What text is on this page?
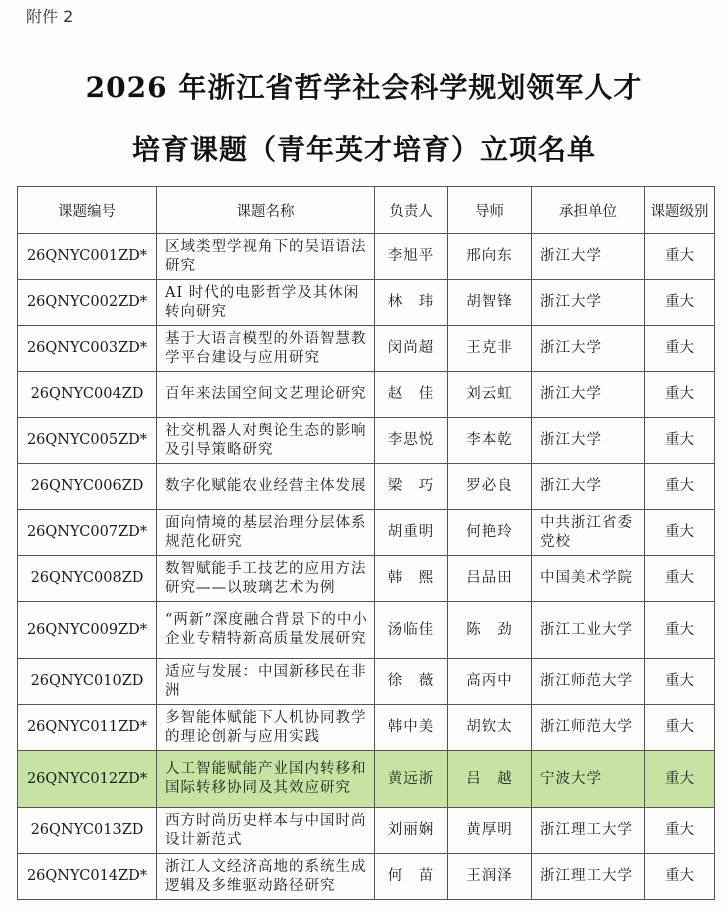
附件 2
2026 年浙江省哲学社会科学规划领军人才
培育课题（青年英才培育）立项名单
课题编号	课题名称	负责人	导师	承担单位	课题级别
26QNYC001ZD*	区域类型学视角下的吴语语法研究	李旭平	邢向东	浙江大学	重大
26QNYC002ZD*	AI 时代的电影哲学及其休闲转向研究	林　玮	胡智锋	浙江大学	重大
26QNYC003ZD*	基于大语言模型的外语智慧教学平台建设与应用研究	闵尚超	王克非	浙江大学	重大
26QNYC004ZD	百年来法国空间文艺理论研究	赵　佳	刘云虹	浙江大学	重大
26QNYC005ZD*	社交机器人对舆论生态的影响及引导策略研究	李思悦	李本乾	浙江大学	重大
26QNYC006ZD	数字化赋能农业经营主体发展	梁　巧	罗必良	浙江大学	重大
26QNYC007ZD*	面向情境的基层治理分层体系规范化研究	胡重明	何艳玲	中共浙江省委党校	重大
26QNYC008ZD	数智赋能手工技艺的应用方法研究——以玻璃艺术为例	韩　熙	吕品田	中国美术学院	重大
26QNYC009ZD*	“两新”深度融合背景下的中小企业专精特新高质量发展研究	汤临佳	陈　劲	浙江工业大学	重大
26QNYC010ZD	适应与发展：中国新移民在非洲	徐　薇	高丙中	浙江师范大学	重大
26QNYC011ZD*	多智能体赋能下人机协同教学的理论创新与应用实践	韩中美	胡钦太	浙江师范大学	重大
26QNYC012ZD*	人工智能赋能产业国内转移和国际转移协同及其效应研究	黄远浙	吕　越	宁波大学	重大
26QNYC013ZD	西方时尚历史样本与中国时尚设计新范式	刘丽娴	黄厚明	浙江理工大学	重大
26QNYC014ZD*	浙江人文经济高地的系统生成逻辑及多维驱动路径研究	何　苗	王润泽	浙江理工大学	重大
